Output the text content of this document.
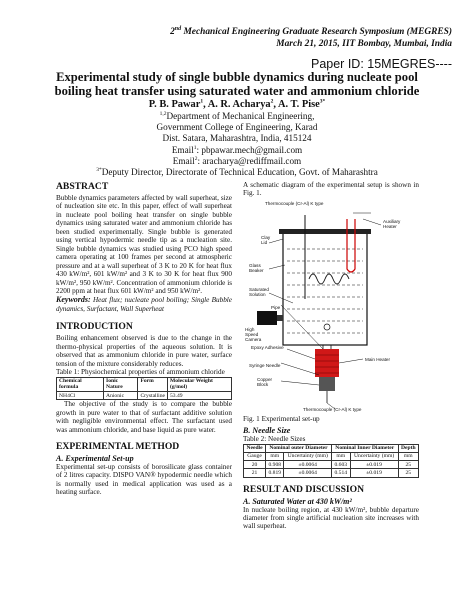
2nd Mechanical Engineering Graduate Research Symposium (MEGRES)
March 21, 2015, IIT Bombay, Mumbai, India
Paper ID: 15MEGRES----
Experimental study of single bubble dynamics during nucleate pool boiling heat transfer using saturated water and ammonium chloride
P. B. Pawar$^1$, A. R. Acharya$^2$, A. T. Pise$^{3*}$
$^{1,2}$Department of Mechanical Engineering,
Government College of Engineering, Karad
Dist. Satara, Maharashtra, India, 415124
Email$^1$: pbpawar.mech@gmail.com
Email$^2$: aracharya@rediffmail.com
$^{3*}$Deputy Director, Directorate of Technical Education, Govt. of Maharashtra
ABSTRACT
Bubble dynamics parameters affected by wall superheat, size of nucleation site etc. In this paper, effect of wall superheat in nucleate pool boiling heat transfer on single bubble dynamics using saturated water and ammonium chloride has been studied experimentally. Single bubble is generated using vertical hypodermic needle tip as a nucleation site. Single bubble dynamics was studied using PCO high speed camera operating at 100 frames per second at atmospheric pressure and at a wall superheat of 3 K to 20 K for heat flux 430 kW/m², 601 kW/m² and 3 K to 30 K for heat flux 900 kW/m², 950 kW/m². Concentration of ammonium chloride is 2200 ppm at heat flux 601 kW/m² and 950 kW/m².
Keywords: Heat flux; nucleate pool boiling; Single Bubble dynamics, Surfactant, Wall Superheat
INTRODUCTION
Boiling enhancement observed is due to the change in the thermo-physical properties of the aqueous solution. It is observed that as ammonium chloride in pure water, surface tension of the mixture considerably reduces.
Table 1: Physiochemical properties of ammonium chloride
Chemical formula	Ionic Nature	Form	Molecular Weight (g/mol)
NH4Cl	Anionic	Crystalline	53.49
The objective of the study is to compare the bubble growth in pure water to that of surfactant additive solution with negligible environmental effect. The surfactant used was ammonium chloride, and base liquid as pure water.
EXPERIMENTAL METHOD
A. Experimental Set-up
Experimental set-up consists of borosilicate glass container of 2 litres capacity. DISPO VAN® hypodermic needle which is normally used in medical application was used as a heating surface.
A schematic diagram of the experimental setup is shown in Fig. 1.
Thermocouple (Cr-Al) K type
Auxiliary Heater
Clay Lid
Glass Beaker
Saturated Solution
Pipe
High Speed Camera
Epoxy Adhesive
Main Heater
Syringe Needle
Copper Block
Thermocouple (Cr-Al) K type
Fig. 1 Experimental set-up
B. Needle Size
Table 2: Needle Sizes
Needle	Nominal outer Diameter		Nominal Inner Diameter		Depth
Gauge	mm	Uncertainty (mm)	mm	Uncertainty (mm)	mm
20	0.908	±0.0064	0.603	±0.019	25
21	0.819	±0.0064	0.514	±0.019	25
RESULT AND DISCUSSION
A. Saturated Water at 430 kW/m²
In nucleate boiling region, at 430 kW/m², bubble departure diameter from single artificial nucleation site increases with wall superheat.
